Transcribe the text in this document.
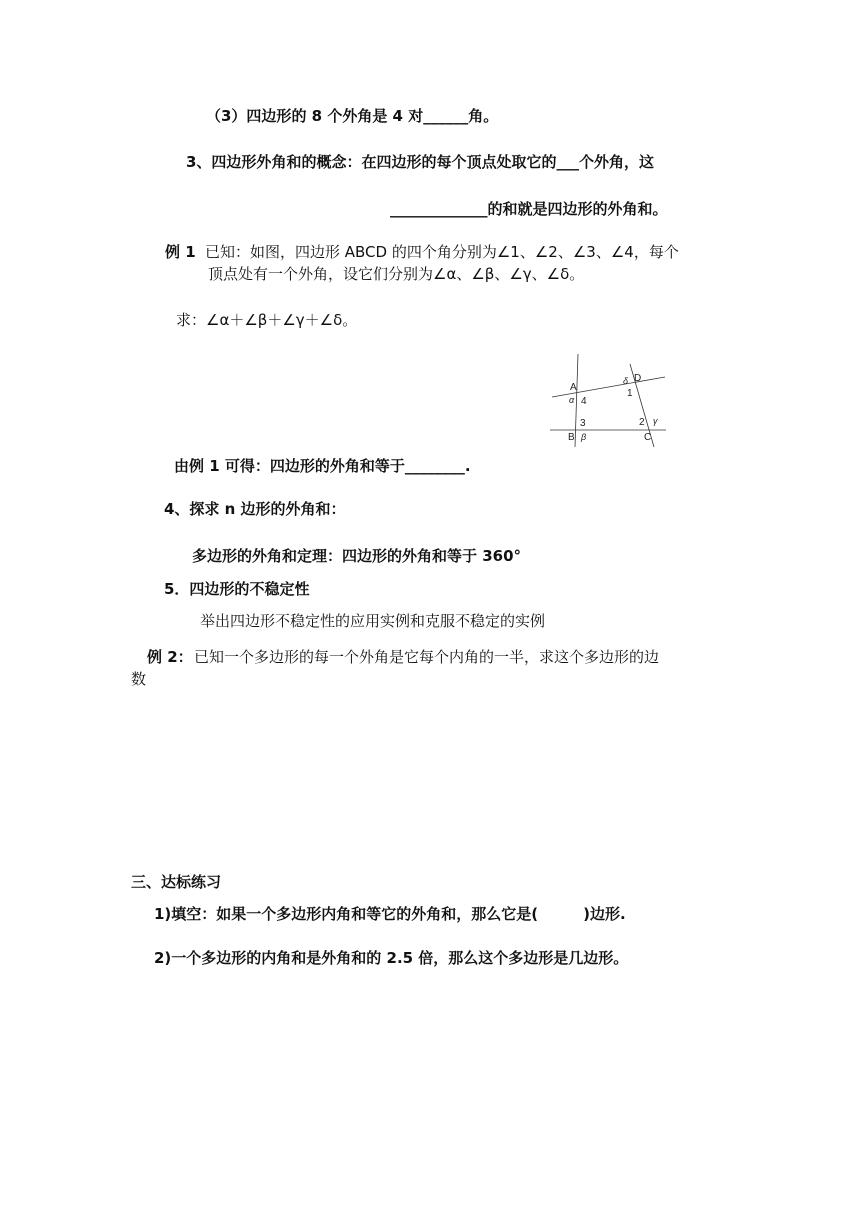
（3）四边形的 8 个外角是 4 对______角。
3、四边形外角和的概念：在四边形的每个顶点处取它的___个外角，这
_____________的和就是四边形的外角和。
例 1 已知：如图，四边形 ABCD 的四个角分别为∠1、∠2、∠3、∠4，每个
顶点处有一个外角，设它们分别为∠α、∠β、∠γ、∠δ。
求：∠α＋∠β＋∠γ＋∠δ。
A
B	C
D
1
2
3
4
α
β
γ
δ
由例 1 可得：四边形的外角和等于________.
4、探求 n 边形的外角和：
多边形的外角和定理：四边形的外角和等于 360°
5．四边形的不稳定性
举出四边形不稳定性的应用实例和克服不稳定的实例
例 2： 已知一个多边形的每一个外角是它每个内角的一半，求这个多边形的边
数
三、达标练习
1)填空：如果一个多边形内角和等它的外角和，那么它是(　　　)边形.
2)一个多边形的内角和是外角和的 2.5 倍，那么这个多边形是几边形。
